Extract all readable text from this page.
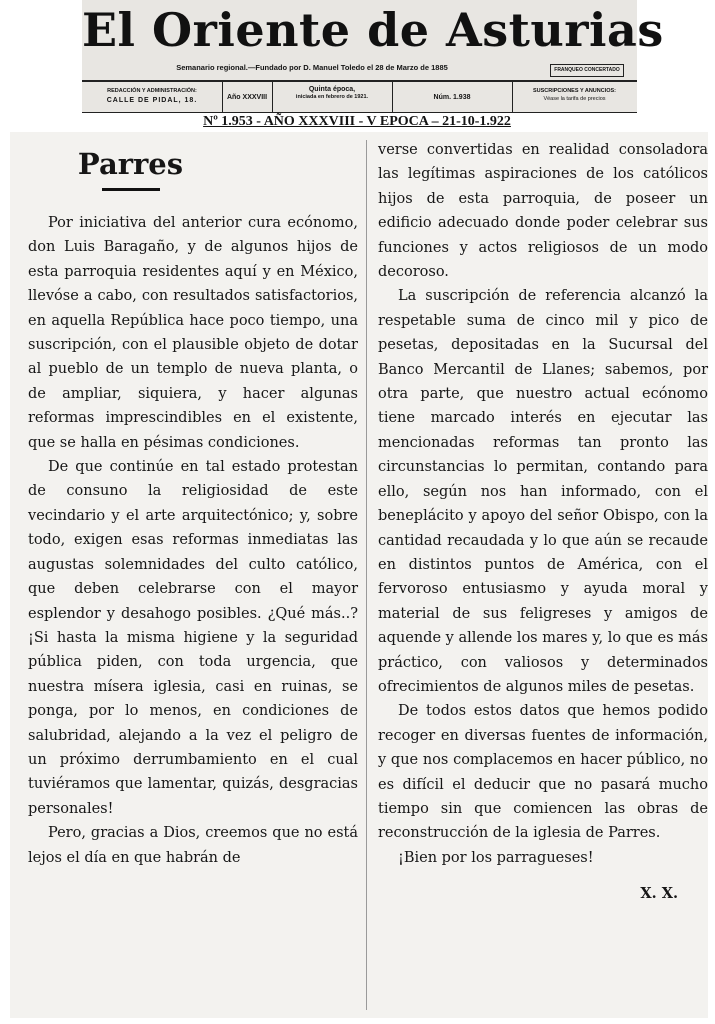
El Oriente de Asturias
Semanario regional.—Fundado por D. Manuel Toledo el 28 de Marzo de 1885	FRANQUEO CONCERTADO
REDACCIÓN Y ADMINISTRACIÓN:
CALLE DE PIDAL, 18.	Año XXXVIII
Quinta época,
iniciada en febrero de 1921.	Núm. 1.938
SUSCRIPCIONES Y ANUNCIOS:
Véase la tarifa de precios
Nº 1.953 - AÑO XXXVIII - V EPOCA – 21-10-1.922
Parres

Por iniciativa del anterior cura ecónomo, don Luis Baragaño, y de algunos hijos de esta parroquia residentes aquí y en México, llevóse a cabo, con resultados satisfactorios, en aquella República hace poco tiempo, una suscripción, con el plausible objeto de dotar al pueblo de un templo de nueva planta, o de ampliar, siquiera, y hacer algunas reformas imprescindibles en el existente, que se halla en pésimas condiciones.

De que continúe en tal estado protestan de consuno la religiosidad de este vecindario y el arte arquitectónico; y, sobre todo, exigen esas reformas inmediatas las augustas solemnidades del culto católico, que deben celebrarse con el mayor esplendor y desahogo posibles. ¿Qué más..? ¡Si hasta la misma higiene y la seguridad pública piden, con toda urgencia, que nuestra mísera iglesia, casi en ruinas, se ponga, por lo menos, en condiciones de salubridad, alejando a la vez el peligro de un próximo derrumbamiento en el cual tuviéramos que lamentar, quizás, desgracias personales!

Pero, gracias a Dios, creemos que no está lejos el día en que habrán de

verse convertidas en realidad consoladora las legítimas aspiraciones de los católicos hijos de esta parroquia, de poseer un edificio adecuado donde poder celebrar sus funciones y actos religiosos de un modo decoroso.

La suscripción de referencia alcanzó la respetable suma de cinco mil y pico de pesetas, depositadas en la Sucursal del Banco Mercantil de Llanes; sabemos, por otra parte, que nuestro actual ecónomo tiene marcado interés en ejecutar las mencionadas reformas tan pronto las circunstancias lo permitan, contando para ello, según nos han informado, con el beneplácito y apoyo del señor Obispo, con la cantidad recaudada y lo que aún se recaude en distintos puntos de América, con el fervoroso entusiasmo y ayuda moral y material de sus feligreses y amigos de aquende y allende los mares y, lo que es más práctico, con valiosos y determinados ofrecimientos de algunos miles de pesetas.

De todos estos datos que hemos podido recoger en diversas fuentes de información, y que nos complacemos en hacer público, no es difícil el deducir que no pasará mucho tiempo sin que comiencen las obras de reconstrucción de la iglesia de Parres.

¡Bien por los parragueses!

X. X.
